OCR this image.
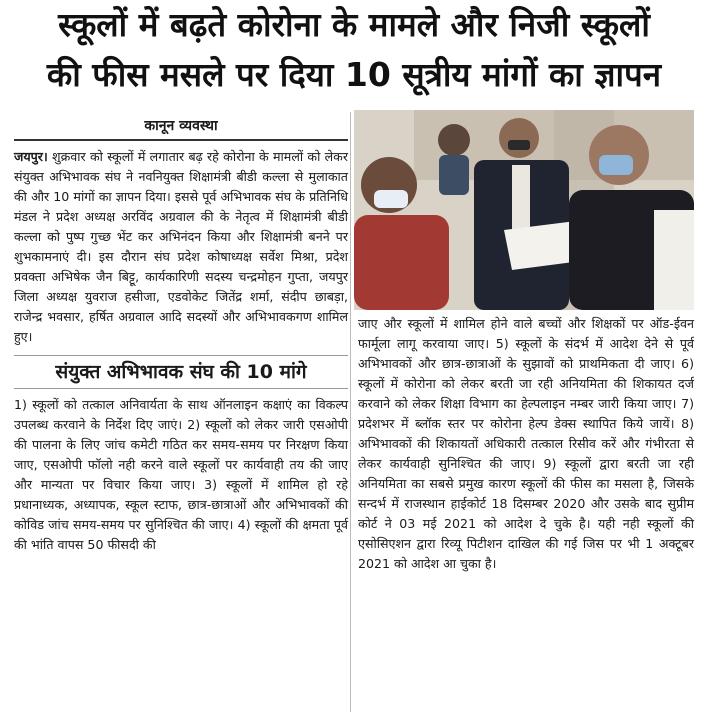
स्कूलों में बढ़ते कोरोना के मामले और निजी स्कूलों
की फीस मसले पर दिया 10 सूत्रीय मांगों का ज्ञापन
कानून व्यवस्था

जयपुर। शुक्रवार को स्कूलों में लगातार बढ़ रहे कोरोना के मामलों को लेकर संयुक्त अभिभावक संघ ने नवनियुक्त शिक्षामंत्री बीडी कल्ला से मुलाकात की और 10 मांगों का ज्ञापन दिया। इससे पूर्व अभिभावक संघ के प्रतिनिधि मंडल ने प्रदेश अध्यक्ष अरविंद अग्रवाल की के नेतृत्व में शिक्षामंत्री बीडी कल्ला को पुष्प गुच्छ भेंट कर अभिनंदन किया और शिक्षामंत्री बनने पर शुभकामनाएं दी। इस दौरान संघ प्रदेश कोषाध्यक्ष सर्वेश मिश्रा, प्रदेश प्रवक्ता अभिषेक जैन बिट्टू, कार्यकारिणी सदस्य चन्द्रमोहन गुप्ता, जयपुर जिला अध्यक्ष युवराज हसीजा, एडवोकेट जितेंद्र शर्मा, संदीप छाबड़ा, राजेन्द्र भवसार, हर्षित अग्रवाल आदि सदस्यों और अभिभावकगण शामिल हुए।

संयुक्त अभिभावक संघ की 10 मांगे

1) स्कूलों को तत्काल अनिवार्यता के साथ ऑनलाइन कक्षाएं का विकल्प उपलब्ध करवाने के निर्देश दिए जाएं। 2) स्कूलों को लेकर जारी एसओपी की पालना के लिए जांच कमेटी गठित कर समय-समय पर निरक्षण किया जाए, एसओपी फॉलो नही करने वाले स्कूलों पर कार्यवाही तय की जाए और मान्यता पर विचार किया जाए। 3) स्कूलों में शामिल हो रहे प्रधानाध्यक, अध्यापक, स्कूल स्टाफ, छात्र-छात्राओं और अभिभावकों की कोविड जांच समय-समय पर सुनिश्चित की जाए। 4) स्कूलों की क्षमता पूर्व की भांति वापस 50 फीसदी की

जाए और स्कूलों में शामिल होने वाले बच्चों और शिक्षकों पर ऑड-ईवन फार्मूला लागू करवाया जाए। 5) स्कूलों के संदर्भ में आदेश देने से पूर्व अभिभावकों और छात्र-छात्राओं के सुझावों को प्राथमिकता दी जाए। 6) स्कूलों में कोरोना को लेकर बरती जा रही अनियमिता की शिकायत दर्ज करवाने को लेकर शिक्षा विभाग का हेल्पलाइन नम्बर जारी किया जाए। 7) प्रदेशभर में ब्लॉक स्तर पर कोरोना हेल्प डेक्स स्थापित किये जायें। 8) अभिभावकों की शिकायतों अधिकारी तत्काल रिसीव करें और गंभीरता से लेकर कार्यवाही सुनिश्चित की जाए। 9) स्कूलों द्वारा बरती जा रही अनियमिता का सबसे प्रमुख कारण स्कूलों की फीस का मसला है, जिसके सन्दर्भ में राजस्थान हाईकोर्ट 18 दिसम्बर 2020 और उसके बाद सुप्रीम कोर्ट ने 03 मई 2021 को आदेश दे चुके है। यही नही स्कूलों की एसोसिएशन द्वारा रिव्यू पिटीशन दाखिल की गई जिस पर भी 1 अक्टूबर 2021 को आदेश आ चुका है।
